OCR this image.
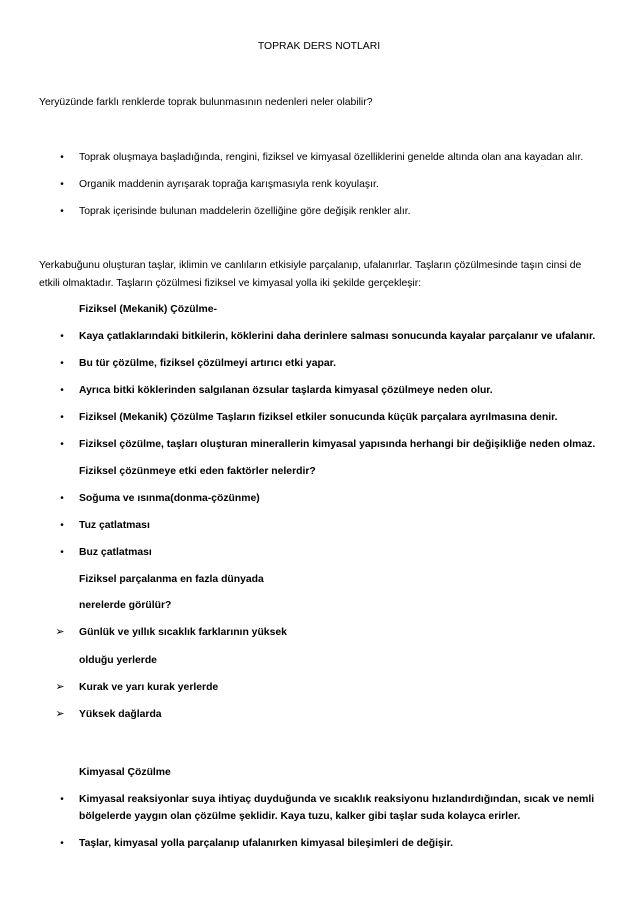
TOPRAK DERS NOTLARI
Yeryüzünde farklı renklerde toprak bulunmasının nedenleri neler olabilir?
•	Toprak oluşmaya başladığında, rengini, fiziksel ve kimyasal özelliklerini genelde altında olan ana kayadan alır.
•	Organik maddenin ayrışarak toprağa karışmasıyla renk koyulaşır.
•	Toprak içerisinde bulunan maddelerin özelliğine göre değişik renkler alır.
Yerkabuğunu oluşturan taşlar, iklimin ve canlıların etkisiyle parçalanıp, ufalanırlar. Taşların çözülmesinde taşın cinsi de
etkili olmaktadır. Taşların çözülmesi fiziksel ve kimyasal yolla iki şekilde gerçekleşir:
Fiziksel (Mekanik) Çözülme-
•	Kaya çatlaklarındaki bitkilerin, köklerini daha derinlere salması sonucunda kayalar parçalanır ve ufalanır.
•	Bu tür çözülme, fiziksel çözülmeyi artırıcı etki yapar.
•	Ayrıca bitki köklerinden salgılanan özsular taşlarda kimyasal çözülmeye neden olur.
•	Fiziksel (Mekanik) Çözülme Taşların fiziksel etkiler sonucunda küçük parçalara ayrılmasına denir.
•	Fiziksel çözülme, taşları oluşturan minerallerin kimyasal yapısında herhangi bir değişikliğe neden olmaz.
Fiziksel çözünmeye etki eden faktörler nelerdir?
•	Soğuma ve ısınma(donma-çözünme)
•	Tuz çatlatması
•	Buz çatlatması
Fiziksel parçalanma en fazla dünyada
nerelerde görülür?
➢ Günlük ve yıllık sıcaklık farklarının yüksek
olduğu yerlerde
➢ Kurak ve yarı kurak yerlerde
➢ Yüksek dağlarda
Kimyasal Çözülme
•	Kimyasal reaksiyonlar suya ihtiyaç duyduğunda ve sıcaklık reaksiyonu hızlandırdığından, sıcak ve nemli
bölgelerde yaygın olan çözülme şeklidir. Kaya tuzu, kalker gibi taşlar suda kolayca erirler.
•	Taşlar, kimyasal yolla parçalanıp ufalanırken kimyasal bileşimleri de değişir.
